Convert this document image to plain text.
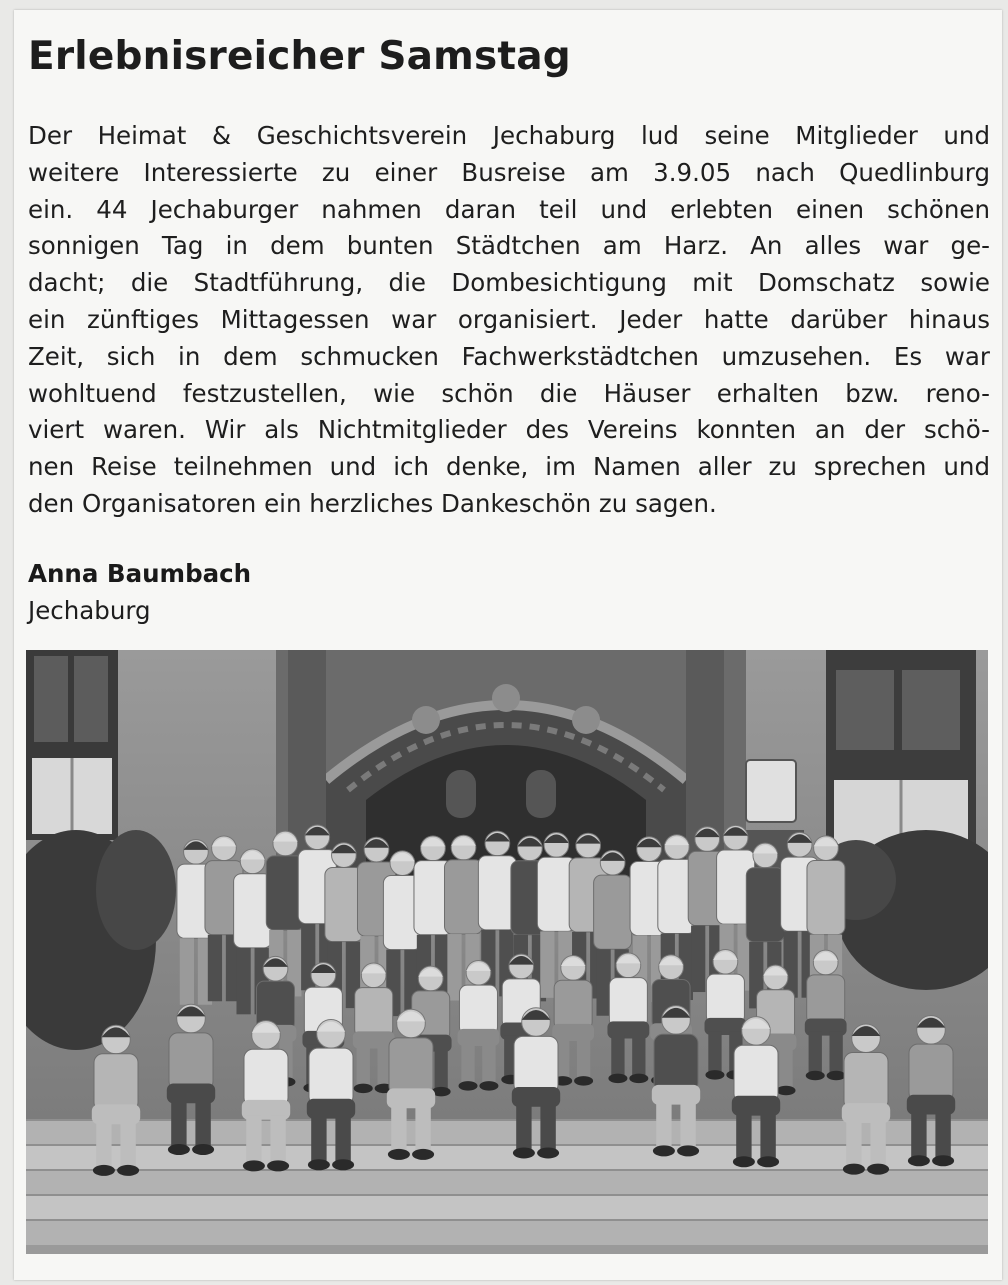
Erlebnisreicher Samstag

Der Heimat & Geschichtsverein Jechaburg lud seine Mitglieder und
weitere Interessierte zu einer Busreise am 3.9.05 nach Quedlinburg
ein. 44 Jechaburger nahmen daran teil und erlebten einen schönen
sonnigen Tag in dem bunten Städtchen am Harz. An alles war ge-
dacht; die Stadtführung, die Dombesichtigung mit Domschatz sowie
ein zünftiges Mittagessen war organisiert. Jeder hatte darüber hinaus
Zeit, sich in dem schmucken Fachwerkstädtchen umzusehen. Es war
wohltuend festzustellen, wie schön die Häuser erhalten bzw. reno-
viert waren. Wir als Nichtmitglieder des Vereins konnten an der schö-
nen Reise teilnehmen und ich denke, im Namen aller zu sprechen und
den Organisatoren ein herzliches Dankeschön zu sagen.

Anna Baumbach
Jechaburg
